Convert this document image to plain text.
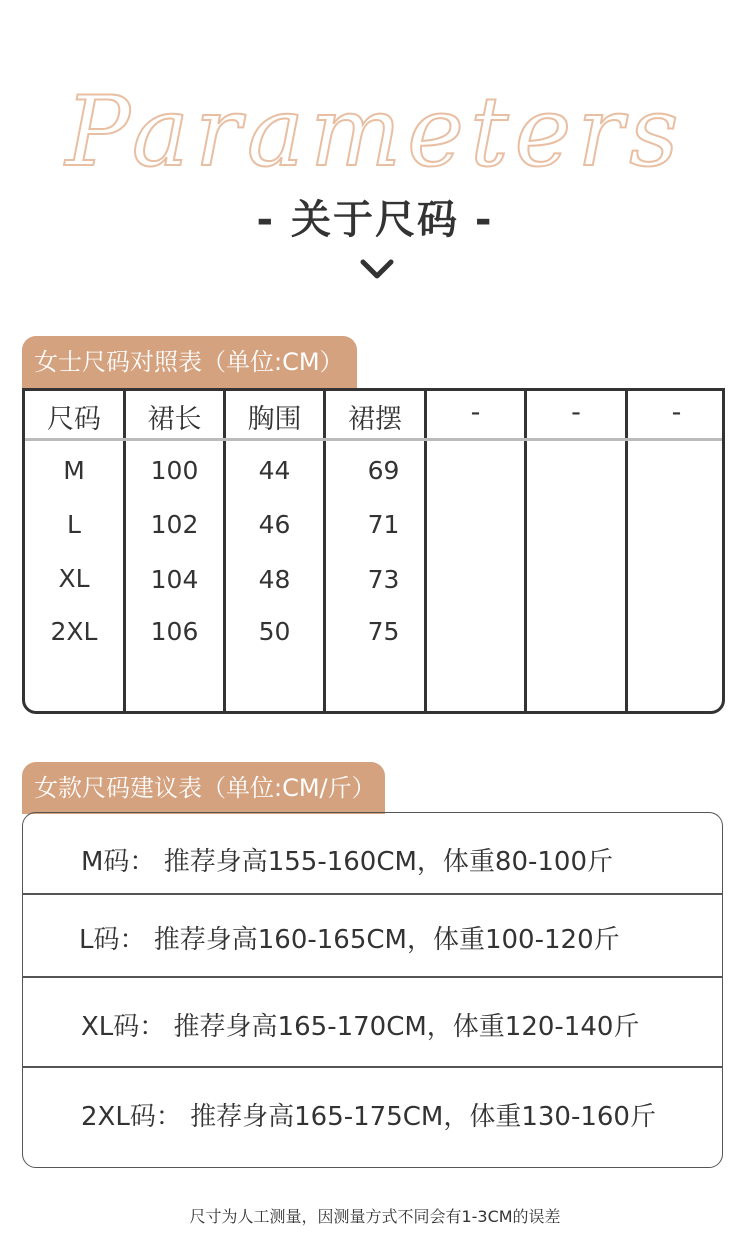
Parameters
- 关于尺码 -
女士尺码对照表（单位:CM）
尺码	裙长	胸围	裙摆	-	-	-
M	100	44	69
L	102	46	71
XL	104	48	73
2XL	106	50	75
女款尺码建议表（单位:CM/斤）
M码： 推荐身高155-160CM，体重80-100斤
L码： 推荐身高160-165CM，体重100-120斤
XL码： 推荐身高165-170CM，体重120-140斤
2XL码： 推荐身高165-175CM，体重130-160斤
尺寸为人工测量，因测量方式不同会有1-3CM的误差
